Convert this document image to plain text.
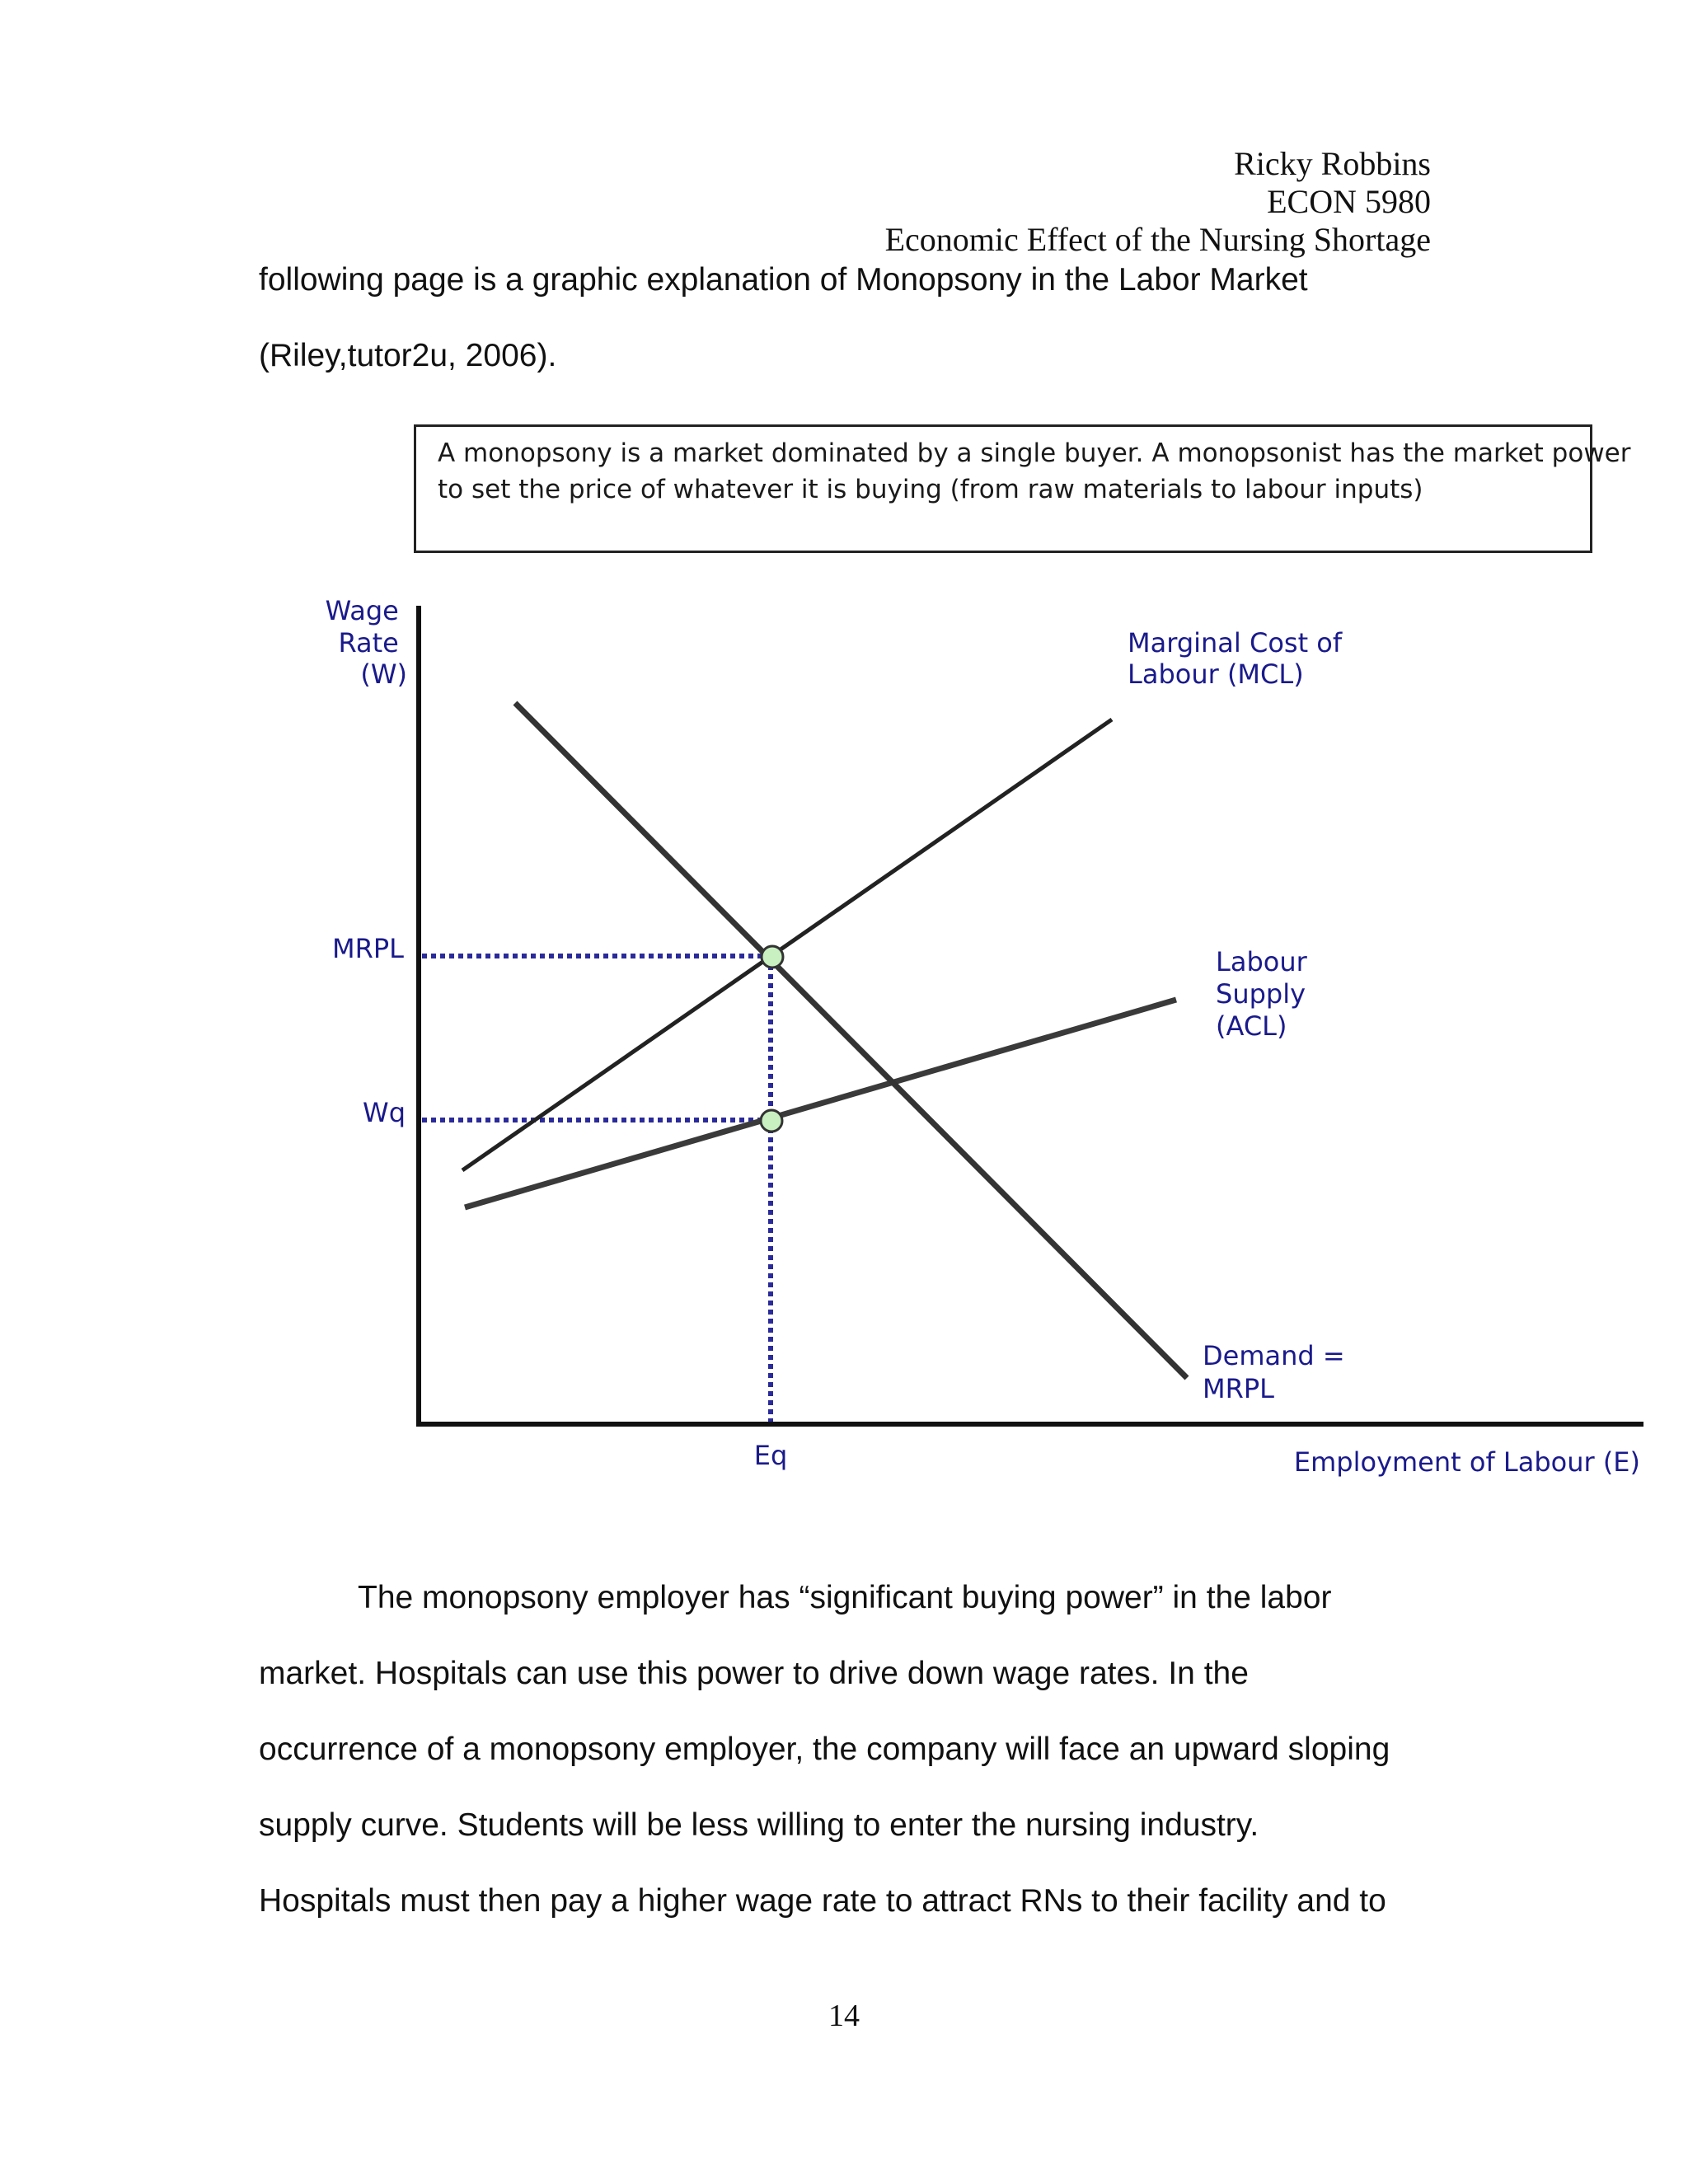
Ricky Robbins
ECON 5980
Economic Effect of the Nursing Shortage
following page is a graphic explanation of Monopsony in the Labor Market
(Riley,tutor2u, 2006).
A monopsony is a market dominated by a single buyer. A monopsonist has the market power
to set the price of whatever it is buying (from raw materials to labour inputs)
Wage Rate (W)
MRPL
Wq
Eq
Marginal Cost of Labour (MCL)
Labour Supply (ACL)
Demand = MRPL
Employment of Labour (E)
The monopsony employer has “significant buying power” in the labor
market. Hospitals can use this power to drive down wage rates. In the
occurrence of a monopsony employer, the company will face an upward sloping
supply curve. Students will be less willing to enter the nursing industry.
Hospitals must then pay a higher wage rate to attract RNs to their facility and to
14
